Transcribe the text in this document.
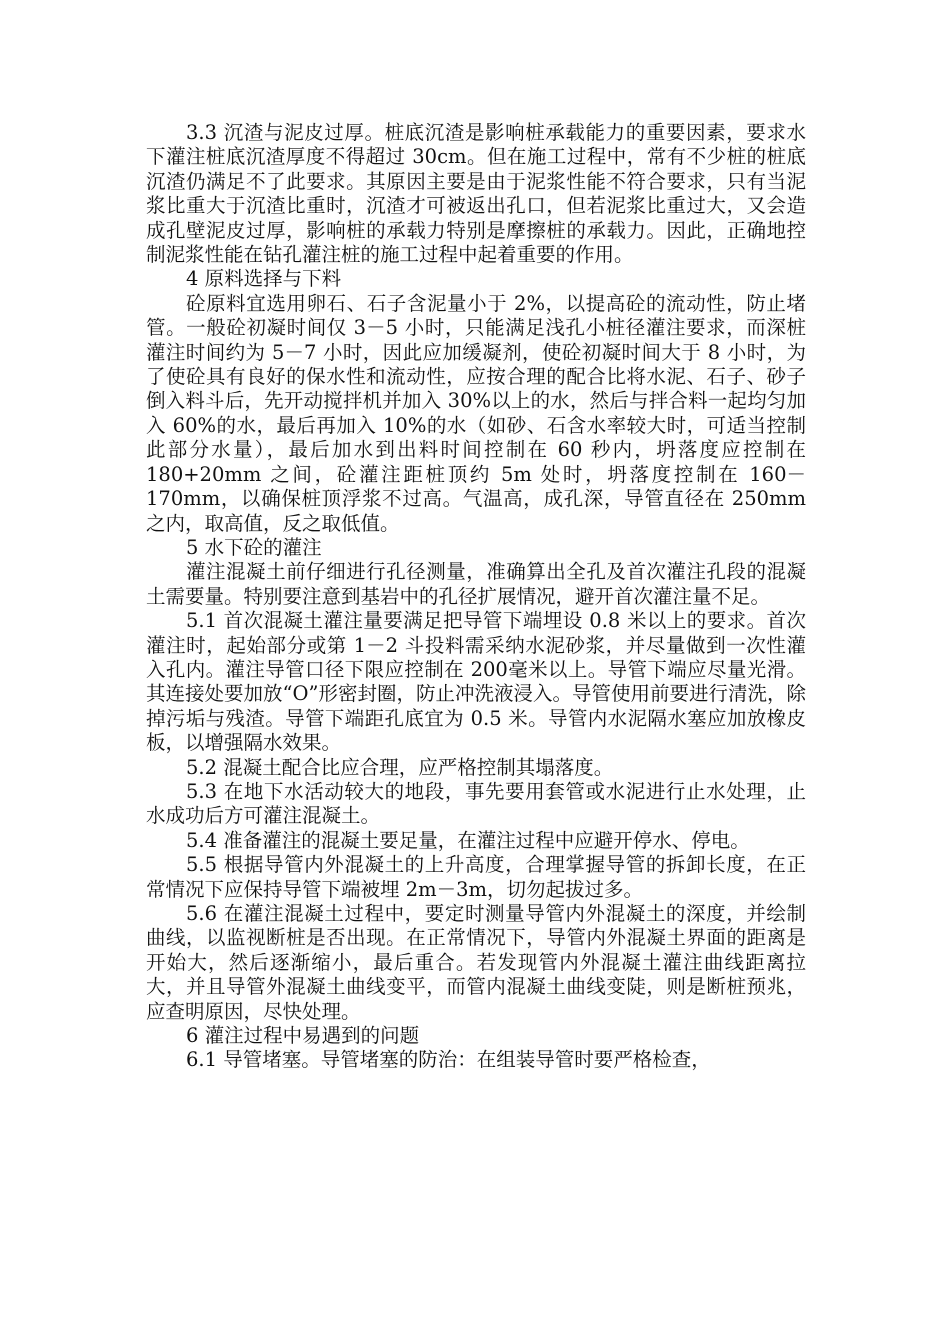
3.3 沉渣与泥皮过厚。桩底沉渣是影响桩承载能力的重要因素，要求水下灌注桩底沉渣厚度不得超过 30cm。但在施工过程中，常有不少桩的桩底沉渣仍满足不了此要求。其原因主要是由于泥浆性能不符合要求，只有当泥浆比重大于沉渣比重时，沉渣才可被返出孔口，但若泥浆比重过大，又会造成孔壁泥皮过厚，影响桩的承载力特别是摩擦桩的承载力。因此，正确地控制泥浆性能在钻孔灌注桩的施工过程中起着重要的作用。

4 原料选择与下料

砼原料宜选用卵石、石子含泥量小于 2%，以提高砼的流动性，防止堵管。一般砼初凝时间仅 3－5 小时，只能满足浅孔小桩径灌注要求，而深桩灌注时间约为 5－7 小时，因此应加缓凝剂，使砼初凝时间大于 8 小时，为了使砼具有良好的保水性和流动性，应按合理的配合比将水泥、石子、砂子倒入料斗后，先开动搅拌机并加入 30%以上的水，然后与拌合料一起均匀加入 60%的水，最后再加入 10%的水（如砂、石含水率较大时，可适当控制此部分水量），最后加水到出料时间控制在 60 秒内，坍落度应控制在 180+20mm 之间，砼灌注距桩顶约 5m 处时，坍落度控制在 160－170mm，以确保桩顶浮浆不过高。气温高，成孔深，导管直径在 250mm 之内，取高值，反之取低值。

5 水下砼的灌注

灌注混凝土前仔细进行孔径测量，准确算出全孔及首次灌注孔段的混凝土需要量。特别要注意到基岩中的孔径扩展情况，避开首次灌注量不足。

5.1 首次混凝土灌注量要满足把导管下端埋设 0.8 米以上的要求。首次灌注时，起始部分或第 1－2 斗投料需采纳水泥砂浆，并尽量做到一次性灌入孔内。灌注导管口径下限应控制在 200毫米以上。导管下端应尽量光滑。其连接处要加放“O”形密封圈，防止冲洗液浸入。导管使用前要进行清洗，除掉污垢与残渣。导管下端距孔底宜为 0.5 米。导管内水泥隔水塞应加放橡皮板，以增强隔水效果。

5.2 混凝土配合比应合理，应严格控制其塌落度。

5.3 在地下水活动较大的地段，事先要用套管或水泥进行止水处理，止水成功后方可灌注混凝土。

5.4 准备灌注的混凝土要足量，在灌注过程中应避开停水、停电。

5.5 根据导管内外混凝土的上升高度，合理掌握导管的拆卸长度，在正常情况下应保持导管下端被埋 2m－3m，切勿起拔过多。

5.6 在灌注混凝土过程中，要定时测量导管内外混凝土的深度，并绘制曲线，以监视断桩是否出现。在正常情况下，导管内外混凝土界面的距离是开始大，然后逐渐缩小，最后重合。若发现管内外混凝土灌注曲线距离拉大，并且导管外混凝土曲线变平，而管内混凝土曲线变陡，则是断桩预兆，应查明原因，尽快处理。

6 灌注过程中易遇到的问题

6.1 导管堵塞。导管堵塞的防治：在组装导管时要严格检查，
